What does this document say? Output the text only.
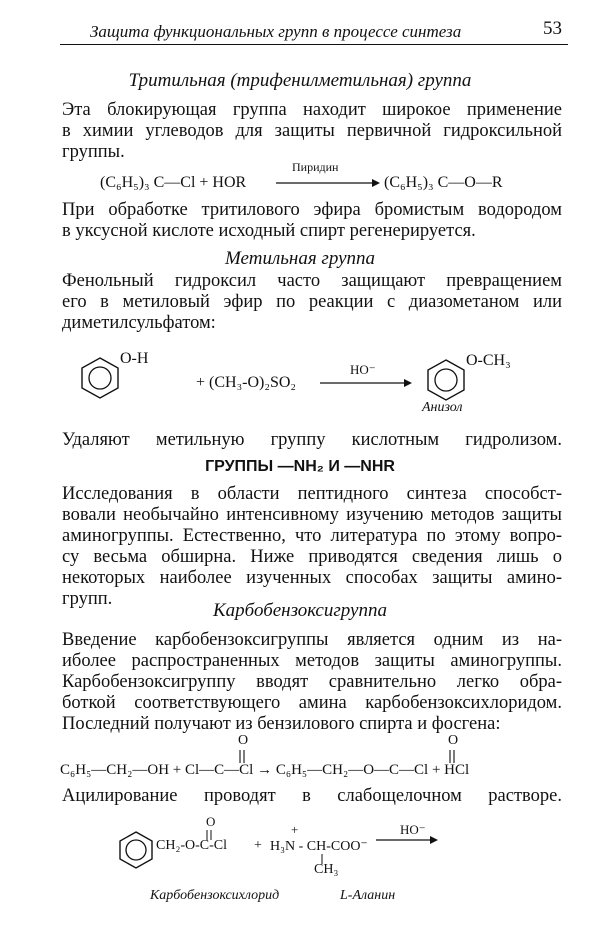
Защита функциональных групп в процессе синтеза	53
Тритильная (трифенилметильная) группа
Эта блокирующая группа находит широкое применение
в химии углеводов для защиты первичной гидроксильной
группы.
(C₆H₅)₃ C—Cl + HOR
Пиридин
(C₆H₅)₃ C—O—R
При обработке тритилового эфира бромистым водородом
в уксусной кислоте исходный спирт регенерируется.
Метильная группа
Фенольный гидроксил часто защищают превращением
его в метиловый эфир по реакции с диазометаном или
диметилсульфатом:
O-H
+ (CH₃-O)₂SO₂
HO⁻
O-CH₃
Анизол
Удаляют метильную группу кислотным гидролизом.
ГРУППЫ —NH₂ И —NHR
Исследования в области пептидного синтеза способст-
вовали необычайно интенсивному изучению методов защиты
аминогруппы. Естественно, что литература по этому вопро-
су весьма обширна. Ниже приводятся сведения лишь о
некоторых наиболее изученных способах защиты амино-
групп.
Карбобензоксигруппа
Введение карбобензоксигруппы является одним из на-
иболее распространенных методов защиты аминогруппы.
Карбобензоксигруппу вводят сравнительно легко обра-
боткой соответствующего амина карбобензоксихлоридом.
Последний получают из бензилового спирта и фосгена:
O	O
C₆H₅—CH₂—OH + Cl—C—Cl → C₆H₅—CH₂—O—C—Cl + HCl
Ацилирование проводят в слабощелочном растворе.
O
CH₂-O-C-Cl +
+
H₃N - CH-COO⁻
CH₃
HO⁻
Карбобензоксихлорид	L-Аланин
